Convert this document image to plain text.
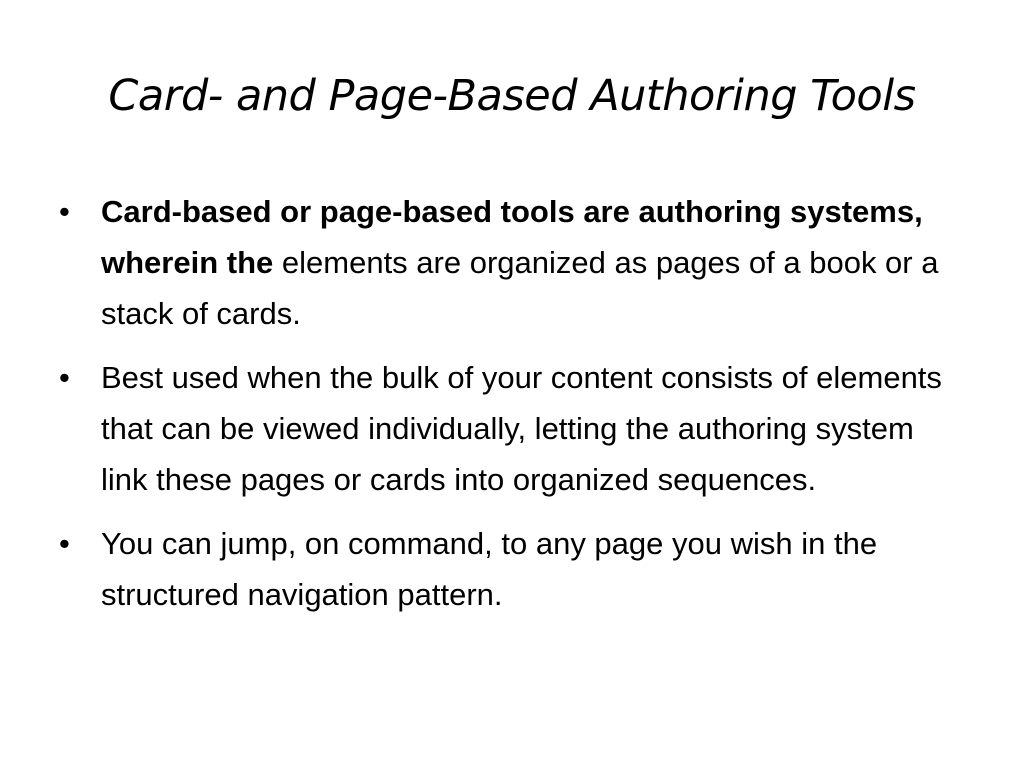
Card- and Page-Based Authoring Tools
• Card-based or page-based tools are authoring systems, wherein the elements are organized as pages of a book or a stack of cards.
• Best used when the bulk of your content consists of elements that can be viewed individually, letting the authoring system link these pages or cards into organized sequences.
• You can jump, on command, to any page you wish in the structured navigation pattern.
